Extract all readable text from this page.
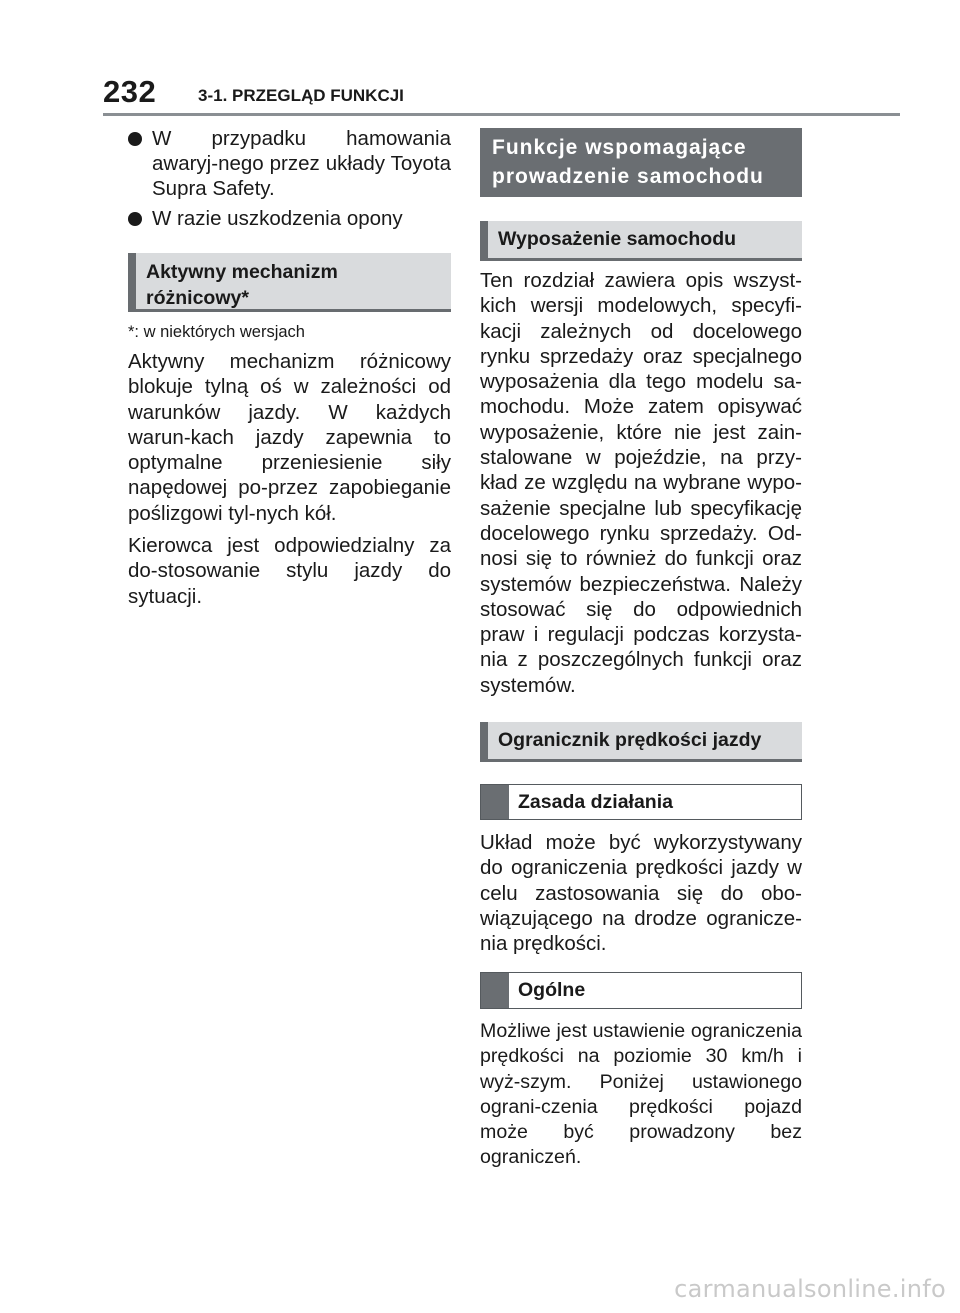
232 3-1. PRZEGLĄD FUNKCJI
W przypadku hamowania awaryj-nego przez układy Toyota Supra Safety.
W razie uszkodzenia opony
Aktywny mechanizm różnicowy*
*: w niektórych wersjach
Aktywny mechanizm różnicowy blokuje tylną oś w zależności od warunków jazdy. W każdych warun-kach jazdy zapewnia to optymalne przeniesienie siły napędowej po-przez zapobieganie poślizgowi tyl-nych kół.
Kierowca jest odpowiedzialny za do-stosowanie stylu jazdy do sytuacji.
Funkcje wspomagające prowadzenie samochodu
Wyposażenie samochodu
Ten rozdział zawiera opis wszyst-kich wersji modelowych, specyfi-kacji zależnych od docelowego rynku sprzedaży oraz specjalnego wyposażenia dla tego modelu sa-mochodu. Może zatem opisywać wyposażenie, które nie jest zain-stalowane w pojeździe, na przy-kład ze względu na wybrane wypo-sażenie specjalne lub specyfikację docelowego rynku sprzedaży. Od-nosi się to również do funkcji oraz systemów bezpieczeństwa. Należy stosować się do odpowiednich praw i regulacji podczas korzysta-nia z poszczególnych funkcji oraz systemów.
Ogranicznik prędkości jazdy
Zasada działania
Układ może być wykorzystywany do ograniczenia prędkości jazdy w celu zastosowania się do obo-wiązującego na drodze ogranicze-nia prędkości.
Ogólne
Możliwe jest ustawienie ograniczenia prędkości na poziomie 30 km/h i wyż-szym. Poniżej ustawionego ograni-czenia prędkości pojazd może być prowadzony bez ograniczeń.
carmanualsonline.info
